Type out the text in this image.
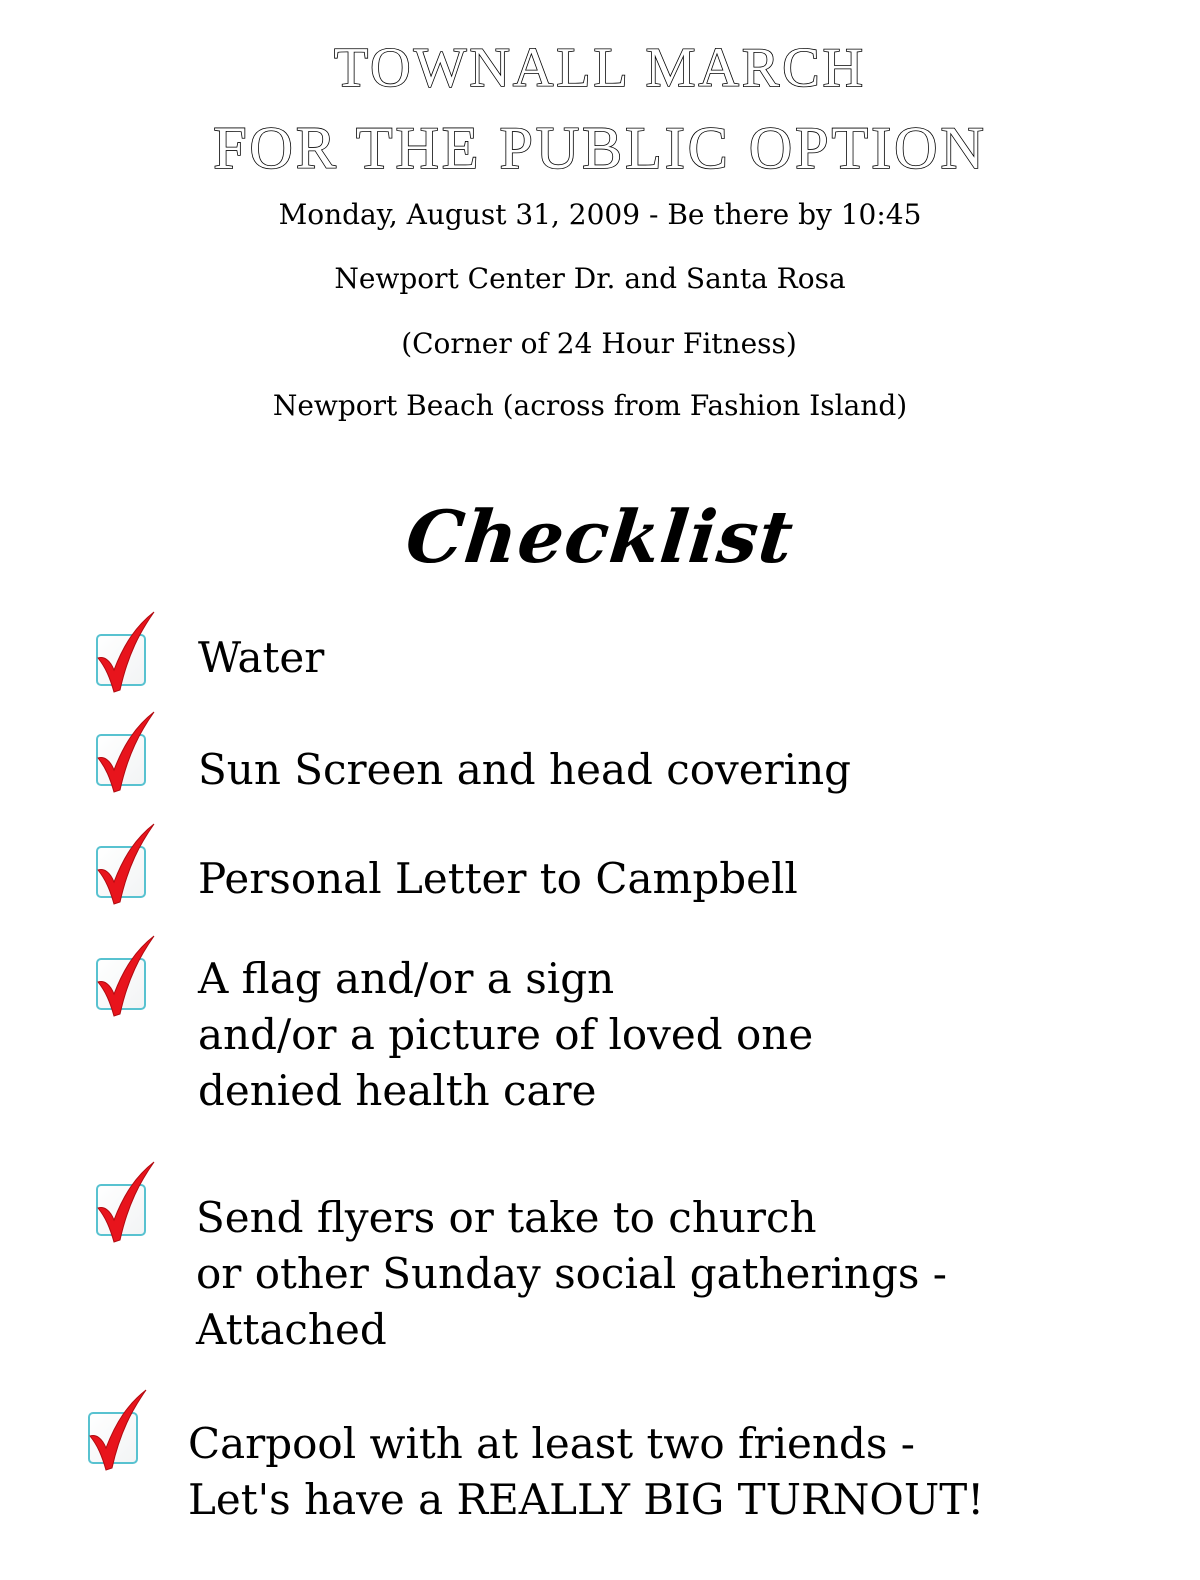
TOWNALL MARCH
FOR THE PUBLIC OPTION
Monday, August 31, 2009 - Be there by 10:45
Newport Center Dr. and Santa Rosa
(Corner of 24 Hour Fitness)
Newport Beach (across from Fashion Island)
Checklist
Water
Sun Screen and head covering
Personal Letter to Campbell
A flag and/or a sign
and/or a picture of loved one
denied health care
Send flyers or take to church
or other Sunday social gatherings -
Attached
Carpool with at least two friends -
Let's have a REALLY BIG TURNOUT!
